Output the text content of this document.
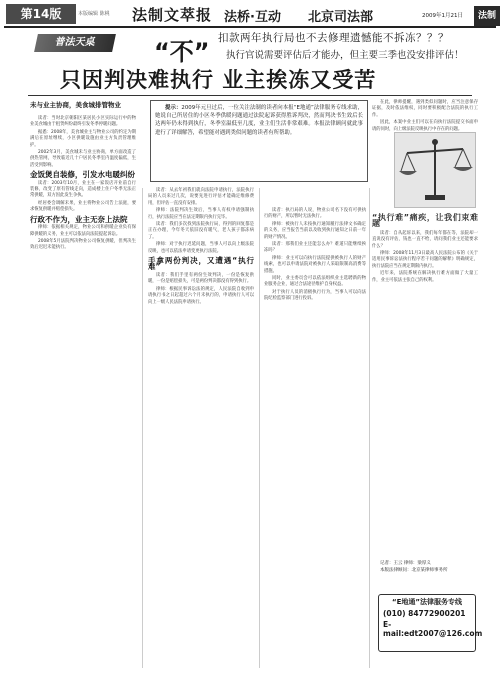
第14版	本版编辑 陈桃 法制文萃报 法桥·互动 北京司法部	2009年1月21日	法制
普法天桌	“不” 扣款两年执行局也不去修理遗憾能不拆冻？？？
执行官说需要评估后才能办，但主要三季也没安排评估！
只因判决难执行 业主挨冻又受苦
未与业主协商，美食城排管物业

读者：当时北京朝阳区某居民小区实际运行中的物业美食城由于租赁纠纷最终引发冬季停暖问题。

据悉：2008年，美食城业主与物业公司的约定为期满后在原址继续，小区供暖设施由业主方负责管理维护。

2002年3月，美食城未与业主协商，单方面改造了供热管网，导致临近几十户居民冬季室内温度偏低，生活受到影响。

金饭煲自装修，引发水电暖纠纷

读者：2003年10月，业主在一家饭店开业前自行装修，改变了原有管线走向，造成楼上住户冬季无法正常供暖，双方因此发生争执。

经居委会调解未果，业主将物业公司告上法庭，要求恢复供暖并赔偿损失。

行政不作为，业主无奈上法院

律师：依据相关规定，物业公司和供暖企业负有保障供暖的义务，业主可以依法向法院提起诉讼。

2008年5月法院判决物业公司恢复供暖，但判决生效后迟迟未能执行。

提示：2009年元旦过后，一位关注法制的读者向本报“E地通”法律服务专线求助，她说自己所居住的小区冬季供暖问题通过法院起诉获得胜诉判决，然而判决书生效后长达两年仍未得到执行，冬季室温低至几度，业主们生活非常艰难。本报法律顾问就此事进行了详细解答，希望能对遇到类似问题的读者有所帮助。

读者：从去年初我们就向法院申请执行，法院执行局的人员来过几次，说要先进行评估才能确定维修费用，但评估一直没有安排。

律师：法院判决生效后，当事人有权申请强制执行，执行法院应当在法定期限内执行完毕。

读者：我们多次找到法院执行局，得到的回复都是正在办理，今年冬天依旧没有暖气，老人孩子都冻病了。

律师：对于执行迟延问题，当事人可以向上级法院反映，也可以依法申请变更执行法院。

手拿两份判决，又遭遇“执行难”

读者：我们手里有两份生效判决，一份是恢复供暖，一份是赔偿损失，可是两份判决都没有得到执行。

律师：根据民事诉讼法的规定，人民法院自收到申请执行书之日起超过六个月未执行的，申请执行人可以向上一级人民法院申请执行。

读者：执行局的人说，物业公司名下没有可供执行的财产，所以暂时无法执行。

律师：被执行人未按执行通知履行法律文书确定的义务，应当报告当前以及收到执行通知之日前一年的财产情况。

读者：那我们业主还能怎么办？难道只能继续挨冻吗？

律师：业主可以向执行法院提供被执行人的财产线索，也可以申请法院对被执行人采取限制高消费等措施。

同时，业主委员会可以依法组织业主选聘新的物业服务企业，通过合法途径维护自身权益。

对于执行人员的消极执行行为，当事人可以向法院纪检监察部门进行投诉。

在此，律师提醒，遇到类似问题时，应当注意保存证据，及时依法维权，同时要积极配合法院的执行工作。

因此，本案中业主们可以在向执行法院提交书面申请的同时，向上级法院反映执行中存在的问题。

“执行难”痛疾，让我们束难题

读者：自从起诉以来，我们每年都在等，法院却一直说没有评估，钱也一直不给，请问我们业主还能要求什么？

律师：2008年11月3日最高人民法院公布的《关于适用民事诉讼法执行程序若干问题的解释》明确规定，执行法院应当在规定期限内执行。

近年来，法院系统在解决执行难方面做了大量工作，业主可依法主张自己的权利。

记者：王云 律师：梁厚义
本版法律顾问：北京某律师事务所
“E地通”法律服务专线
(010) 84772900201
E-mail:edt2007@126.com
